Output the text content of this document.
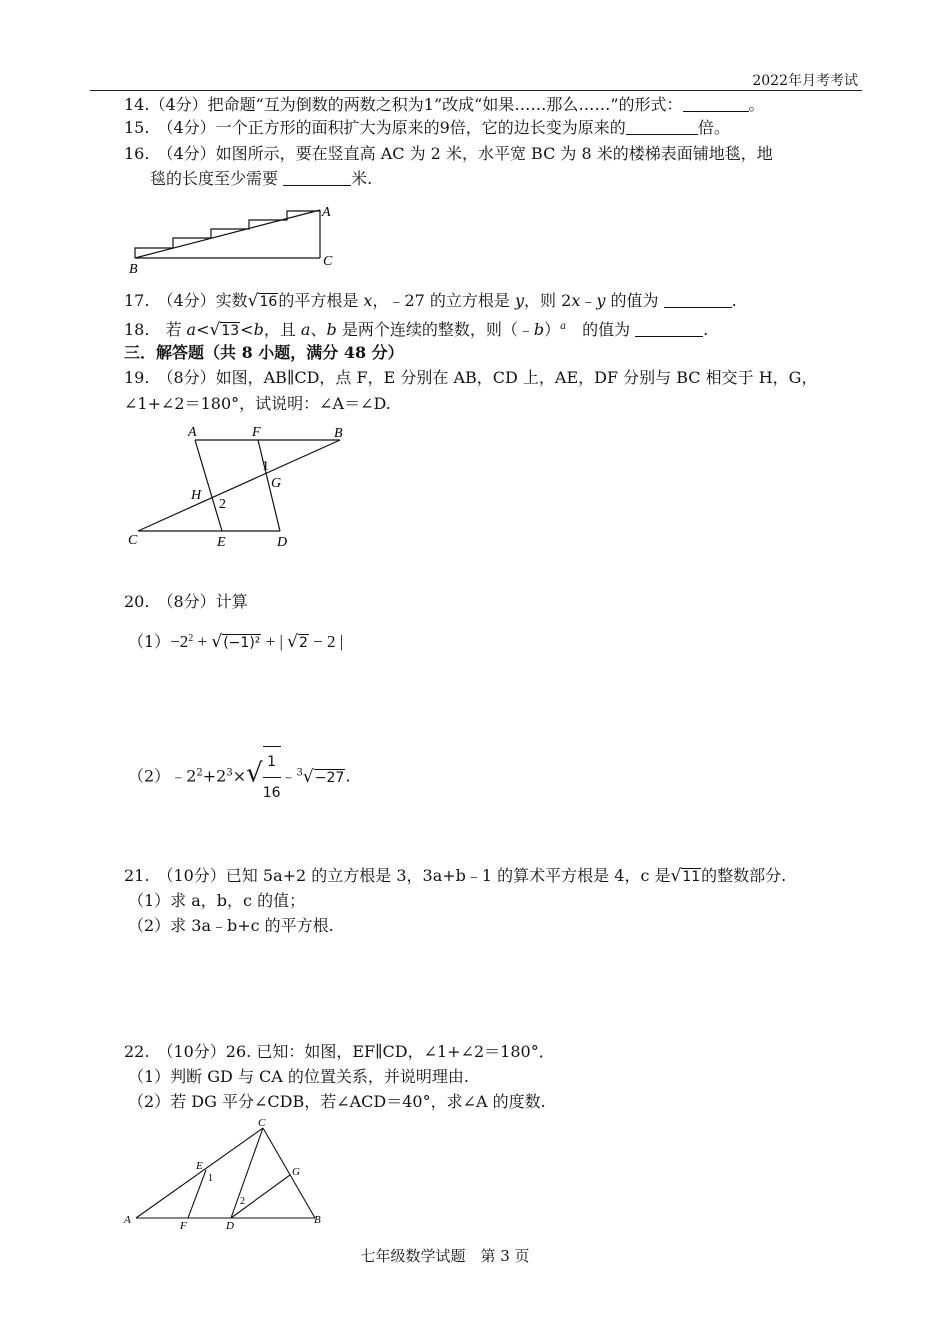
2022年月考考试
14.（4分）把命题“互为倒数的两数之积为1”改成“如果……那么……”的形式：	。
15.　（4分）一个正方形的面积扩大为原来的9倍，它的边长变为原来的	倍。
16.　（4分）如图所示，要在竖直高 AC 为 2 米，水平宽 BC 为 8 米的楼梯表面铺地毯，地
毯的长度至少需要	米.
A
B
C
17.　（4分）实数√16的平方根是 x，﹣27 的立方根是 y，则 2x﹣y 的值为	.
18.　若 a<√13<b，且 a、b 是两个连续的整数，则（﹣b）$^a$　的值为	.
三．解答题（共 8 小题，满分 48 分）
19.　（8分）如图，AB∥CD，点 F，E 分别在 AB，CD 上，AE，DF 分别与 BC 相交于 H，G，
∠1+∠2＝180°，试说明：∠A＝∠D.
A	F	B
H
G
1
2
C	E	D
20.　（8分）计算
$(1)-2^2 + √(-1)^2$ + | √2 − 2 |
$(2)﹣2^2+2^3\times√ \frac{1}{16}$ ﹣$^3$√−27.
21.　（10分）已知 5a+2 的立方根是 3，3a+b﹣1 的算术平方根是 4，c 是√11的整数部分.
（1）求 a，b，c 的值；
（2）求 3a﹣b+c 的平方根.
22.　（10分）26. 已知：如图，EF∥CD，∠1+∠2＝180°．
（1）判断 GD 与 CA 的位置关系，并说明理由.
（2）若 DG 平分∠CDB，若∠ACD＝40°，求∠A 的度数.
C
E
1
G
2
A	F	D	B
七年级数学试题　第 3 页
